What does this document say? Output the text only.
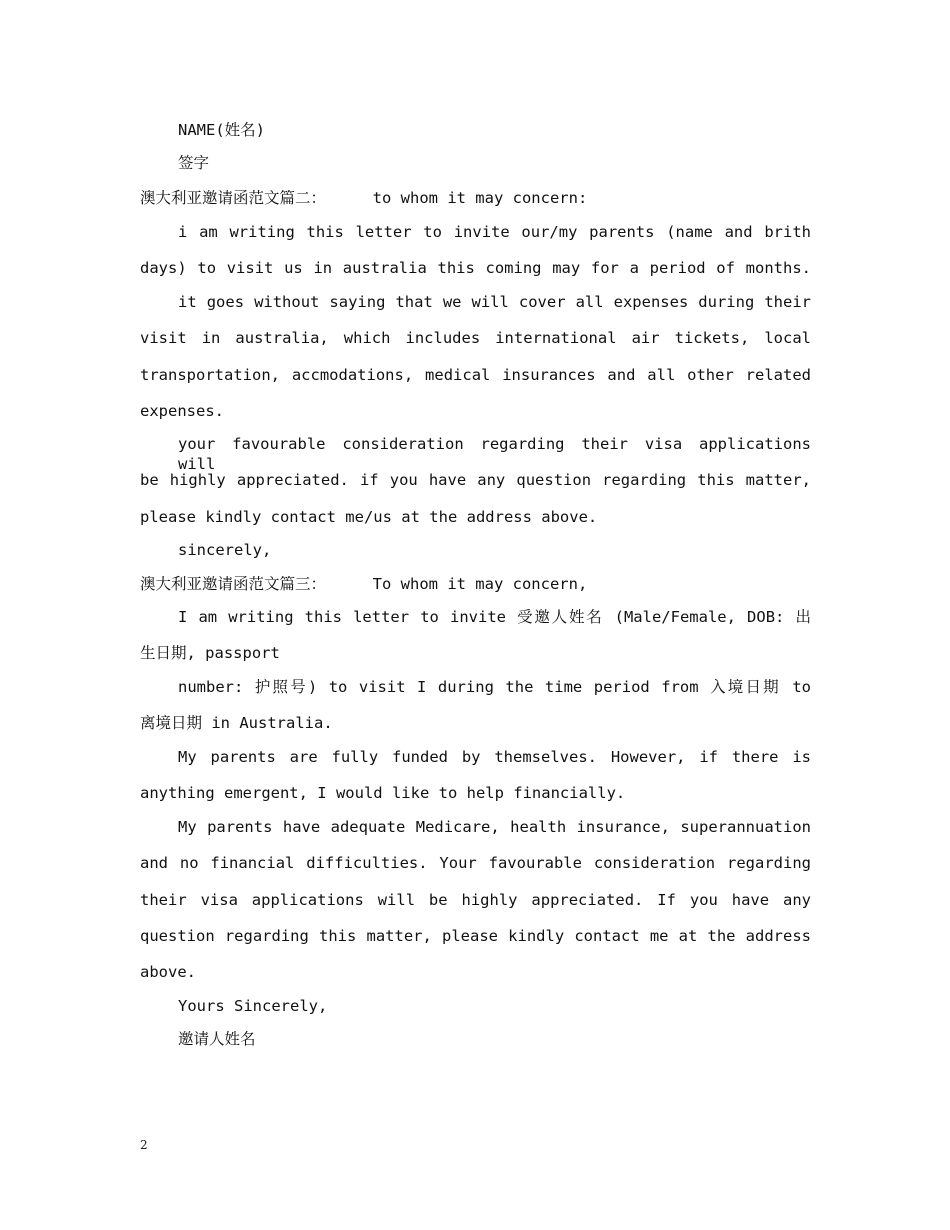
NAME(姓名)
签字
澳大利亚邀请函范文篇二：     to whom it may concern:
i am writing this letter to invite our/my parents (name and brith
days) to visit us in australia this coming may for a period of months.
it goes without saying that we will cover all expenses during their
visit in australia, which includes international air tickets, local
transportation, accmodations, medical insurances and all other related
expenses.
your favourable consideration regarding their visa applications will
be highly appreciated. if you have any question regarding this matter,
please kindly contact me/us at the address above.
sincerely,
澳大利亚邀请函范文篇三：     To whom it may concern,
I am writing this letter to invite 受邀人姓名 (Male/Female, DOB: 出
生日期, passport
number: 护照号) to visit I during the time period from 入境日期 to
离境日期 in Australia.
My parents are fully funded by themselves. However, if there is
anything emergent, I would like to help financially.
My parents have adequate Medicare, health insurance, superannuation
and no financial difficulties. Your favourable consideration regarding
their visa applications will be highly appreciated. If you have any
question regarding this matter, please kindly contact me at the address
above.
Yours Sincerely,
邀请人姓名
2
